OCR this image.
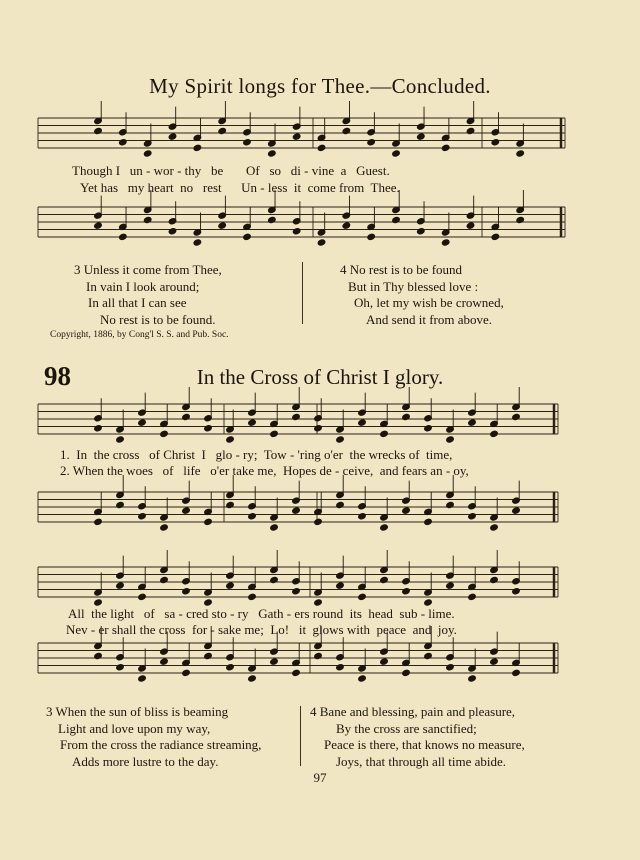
My Spirit longs for Thee.—Concluded.
Though I   un - wor - thy   be       Of   so   di - vine  a   Guest.
Yet has   my heart  no   rest      Un - less  it  come from  Thee.
3 Unless it come from Thee,
In vain I look around;
In all that I can see
No rest is to be found.
4 No rest is to be found
But in Thy blessed love :
Oh, let my wish be crowned,
And send it from above.
Copyright, 1886, by Cong'l S. S. and Pub. Soc.
98	In the Cross of Christ I glory.
1.  In  the cross   of Christ  I   glo - ry;  Tow - 'ring o'er  the wrecks of  time,
2. When the woes   of   life   o'er take me,  Hopes de - ceive,  and fears an - oy,
All  the light   of   sa - cred sto - ry   Gath - ers round  its  head  sub - lime.
Nev - er shall the cross  for - sake me;  Lo!   it  glows with  peace  and  joy.
3 When the sun of bliss is beaming
Light and love upon my way,
From the cross the radiance streaming,
Adds more lustre to the day.
4 Bane and blessing, pain and pleasure,
By the cross are sanctified;
Peace is there, that knows no measure,
Joys, that through all time abide.
97
